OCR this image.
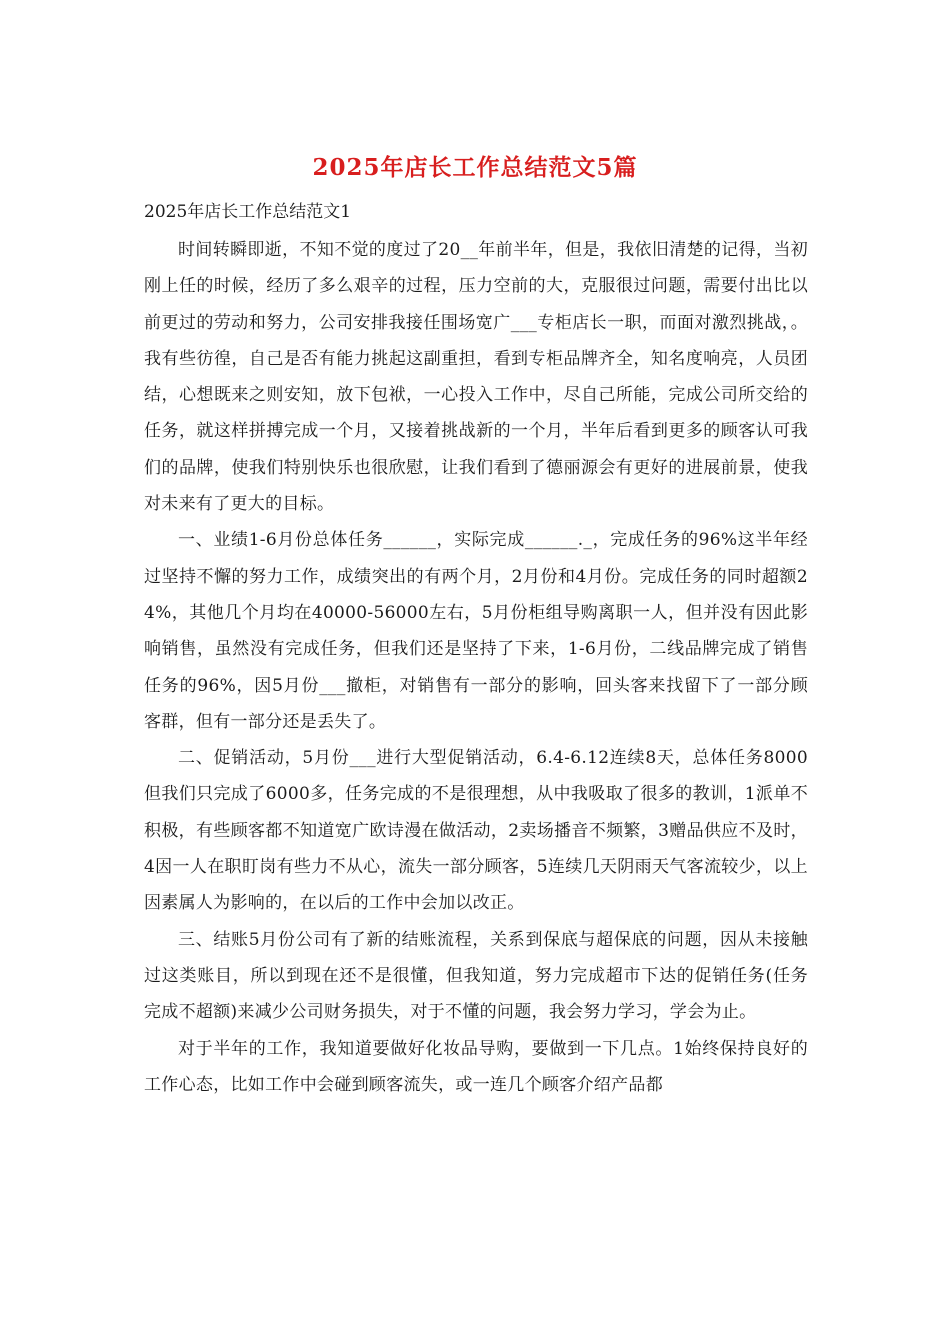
2025年店长工作总结范文5篇
2025年店长工作总结范文1

时间转瞬即逝，不知不觉的度过了20__年前半年，但是，我依旧清楚的记得，当初刚上任的时候，经历了多么艰辛的过程，压力空前的大，克服很过问题，需要付出比以前更过的劳动和努力，公司安排我接任围场宽广___专柜店长一职，而面对激烈挑战，。我有些彷徨，自己是否有能力挑起这副重担，看到专柜品牌齐全，知名度响亮，人员团结，心想既来之则安知，放下包袱，一心投入工作中，尽自己所能，完成公司所交给的任务，就这样拼搏完成一个月，又接着挑战新的一个月，半年后看到更多的顾客认可我们的品牌，使我们特别快乐也很欣慰，让我们看到了德丽源会有更好的进展前景，使我对未来有了更大的目标。

一、业绩1-6月份总体任务______，实际完成______._，完成任务的96%这半年经过坚持不懈的努力工作，成绩突出的有两个月，2月份和4月份。完成任务的同时超额24%，其他几个月均在40000-56000左右，5月份柜组导购离职一人，但并没有因此影响销售，虽然没有完成任务，但我们还是坚持了下来，1-6月份，二线品牌完成了销售任务的96%，因5月份___撤柜，对销售有一部分的影响，回头客来找留下了一部分顾客群，但有一部分还是丢失了。

二、促销活动，5月份___进行大型促销活动，6.4-6.12连续8天，总体任务8000但我们只完成了6000多，任务完成的不是很理想，从中我吸取了很多的教训，1派单不积极，有些顾客都不知道宽广欧诗漫在做活动，2卖场播音不频繁，3赠品供应不及时，4因一人在职盯岗有些力不从心，流失一部分顾客，5连续几天阴雨天气客流较少，以上因素属人为影响的，在以后的工作中会加以改正。

三、结账5月份公司有了新的结账流程，关系到保底与超保底的问题，因从未接触过这类账目，所以到现在还不是很懂，但我知道，努力完成超市下达的促销任务(任务完成不超额)来减少公司财务损失，对于不懂的问题，我会努力学习，学会为止。

对于半年的工作，我知道要做好化妆品导购，要做到一下几点。1始终保持良好的工作心态，比如工作中会碰到顾客流失，或一连几个顾客介绍产品都
